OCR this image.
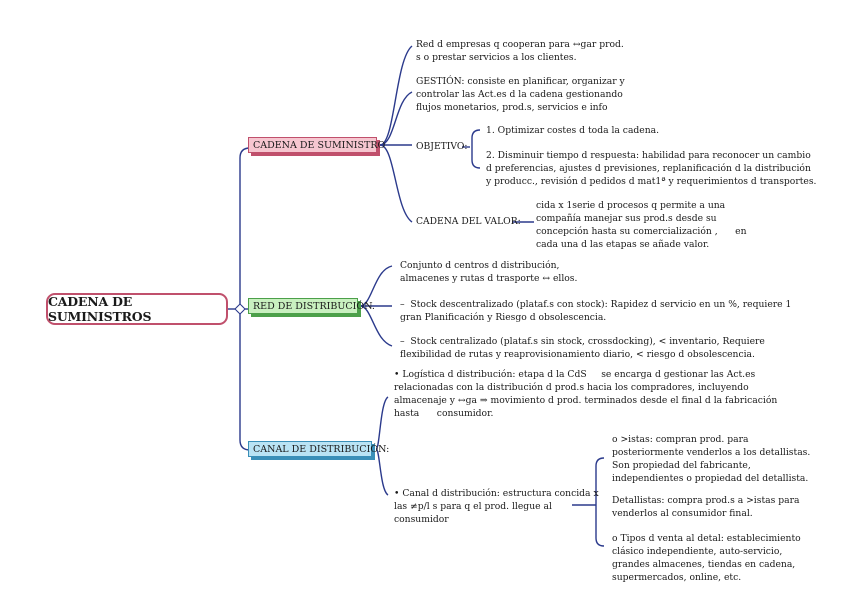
CADENA DE SUMINISTROS
CADENA DE SUMINISTRO
RED DE DISTRIBUCIÓN.
CANAL DE DISTRIBUCIÓN:
Red d empresas q cooperan para ↔gar prod.
s o prestar servicios a los clientes.
GESTIÓN: consiste en planificar, organizar y
controlar las Act.es d la cadena gestionando
flujos monetarios, prod.s, servicios e info
OBJETIVO:
1. Optimizar costes d toda la cadena.
2. Disminuir tiempo d respuesta: habilidad para reconocer un cambio
d preferencias, ajustes d previsiones, replanificación d la distribución
y producc., revisión d pedidos d mat1ª y requerimientos d transportes.
CADENA DEL VALOR:
cida x 1serie d procesos q permite a una
compañía manejar sus prod.s desde su
concepción hasta su comercialización ,      en
cada una d las etapas se añade valor.
Conjunto d centros d distribución,
almacenes y rutas d trasporte ↔ ellos.
–  Stock descentralizado (plataf.s con stock): Rapidez d servicio en un %, requiere 1
gran Planificación y Riesgo d obsolescencia.
–  Stock centralizado (plataf.s sin stock, crossdocking), < inventario, Requiere
flexibilidad de rutas y reaprovisionamiento diario, < riesgo d obsolescencia.
• Logística d distribución: etapa d la CdS     se encarga d gestionar las Act.es
relacionadas con la distribución d prod.s hacia los compradores, incluyendo
almacenaje y ↔ga ⇒ movimiento d prod. terminados desde el final d la fabricación
hasta      consumidor.
• Canal d distribución: estructura concida x
las ≠p/l s para q el prod. llegue al
consumidor
o >istas: compran prod. para
posteriormente venderlos a los detallistas.
Son propiedad del fabricante,
independientes o propiedad del detallista.
Detallistas: compra prod.s a >istas para
venderlos al consumidor final.
o Tipos d venta al detal: establecimiento
clásico independiente, auto-servicio,
grandes almacenes, tiendas en cadena,
supermercados, online, etc.
